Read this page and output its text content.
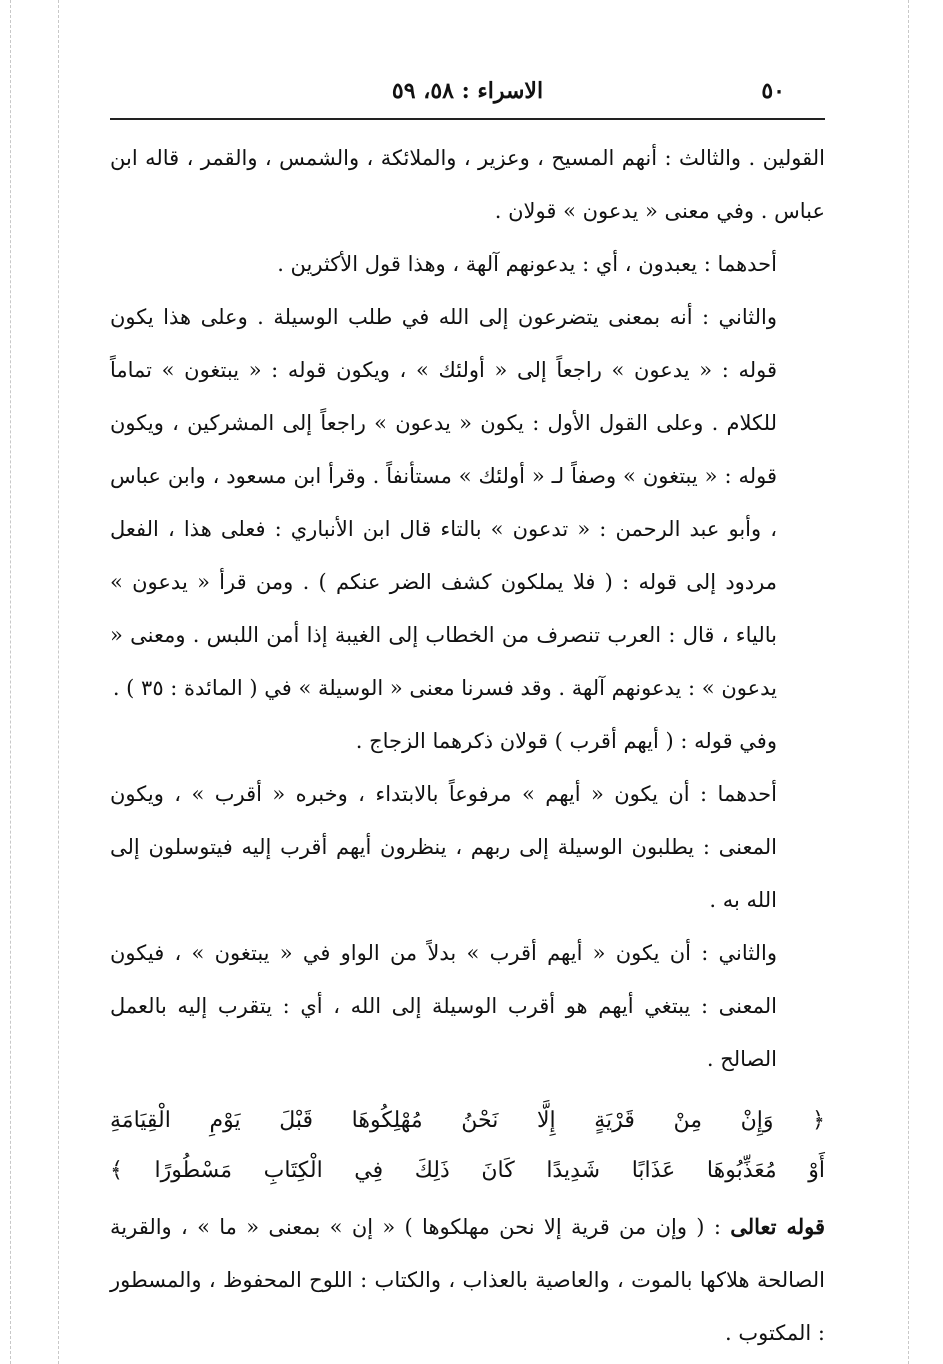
٥٠
الاسراء : ٥٨، ٥٩

القولين . والثالث : أنهم المسيح ، وعزير ، والملائكة ، والشمس ، والقمر ، قاله ابن عباس . وفي معنى « يدعون » قولان .

أحدهما : يعبدون ، أي : يدعونهم آلهة ، وهذا قول الأكثرين .

والثاني : أنه بمعنى يتضرعون إلى الله في طلب الوسيلة . وعلى هذا يكون قوله : « يدعون » راجعاً إلى « أولئك » ، ويكون قوله : « يبتغون » تماماً للكلام . وعلى القول الأول : يكون « يدعون » راجعاً إلى المشركين ، ويكون قوله : « يبتغون » وصفاً لـ « أولئك » مستأنفاً . وقرأ ابن مسعود ، وابن عباس ، وأبو عبد الرحمن : « تدعون » بالتاء قال ابن الأنباري : فعلى هذا ، الفعل مردود إلى قوله : ( فلا يملكون كشف الضر عنكم ) . ومن قرأ « يدعون » بالياء ، قال : العرب تنصرف من الخطاب إلى الغيبة إذا أمن اللبس . ومعنى « يدعون » : يدعونهم آلهة . وقد فسرنا معنى « الوسيلة » في ( المائدة : ٣٥ ) .

وفي قوله : ( أيهم أقرب ) قولان ذكرهما الزجاج .

أحدهما : أن يكون « أيهم » مرفوعاً بالابتداء ، وخبره « أقرب » ، ويكون المعنى : يطلبون الوسيلة إلى ربهم ، ينظرون أيهم أقرب إليه فيتوسلون إلى الله به .

والثاني : أن يكون « أيهم أقرب » بدلاً من الواو في « يبتغون » ، فيكون المعنى : يبتغي أيهم هو أقرب الوسيلة إلى الله ، أي : يتقرب إليه بالعمل الصالح .

﴿ وَإِنْ مِنْ قَرْيَةٍ إِلَّا نَحْنُ مُهْلِكُوهَا قَبْلَ يَوْمِ الْقِيَامَةِ
أَوْ مُعَذِّبُوهَا عَذَابًا شَدِيدًا كَانَ ذَلِكَ فِي الْكِتَابِ مَسْطُورًا ﴾

قوله تعالى : ( وإن من قرية إلا نحن مهلكوها ) « إن » بمعنى « ما » ، والقرية الصالحة هلاكها بالموت ، والعاصية بالعذاب ، والكتاب : اللوح المحفوظ ، والمسطور : المكتوب .
